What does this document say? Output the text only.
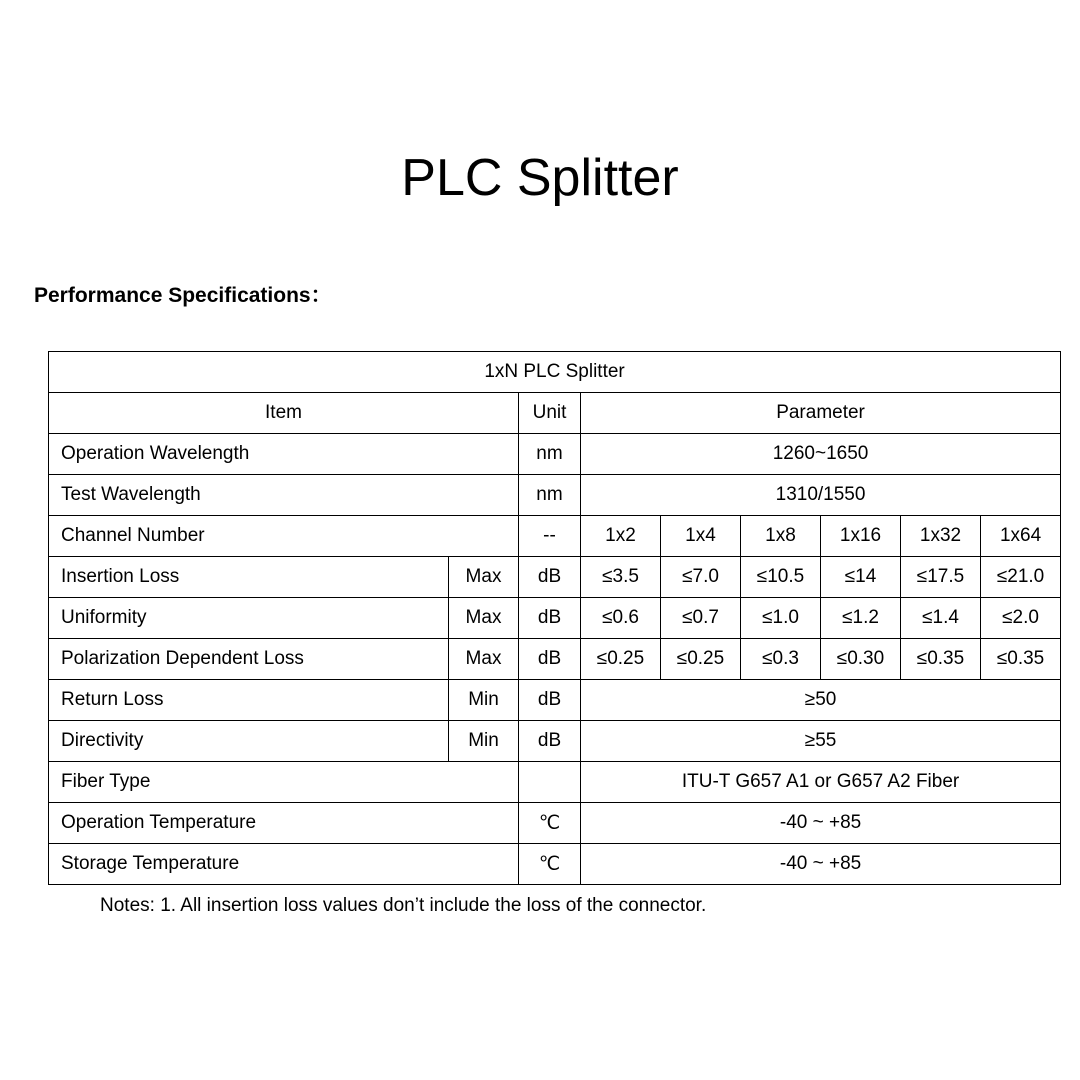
PLC Splitter
Performance Specifications：
1xN PLC Splitter								
Item		Unit	Parameter					
Operation Wavelength		nm	1260~1650					
Test Wavelength		nm	1310/1550					
Channel Number		--	1x2	1x4	1x8	1x16	1x32	1x64
Insertion Loss	Max	dB	≤3.5	≤7.0	≤10.5	≤14	≤17.5	≤21.0
Uniformity	Max	dB	≤0.6	≤0.7	≤1.0	≤1.2	≤1.4	≤2.0
Polarization Dependent Loss	Max	dB	≤0.25	≤0.25	≤0.3	≤0.30	≤0.35	≤0.35
Return Loss	Min	dB	≥50					
Directivity	Min	dB	≥55					
Fiber Type			ITU-T G657 A1 or G657 A2 Fiber					
Operation Temperature		℃	-40 ~ +85					
Storage Temperature		℃	-40 ~ +85					
Notes: 1. All insertion loss values don’t include the loss of the connector.
